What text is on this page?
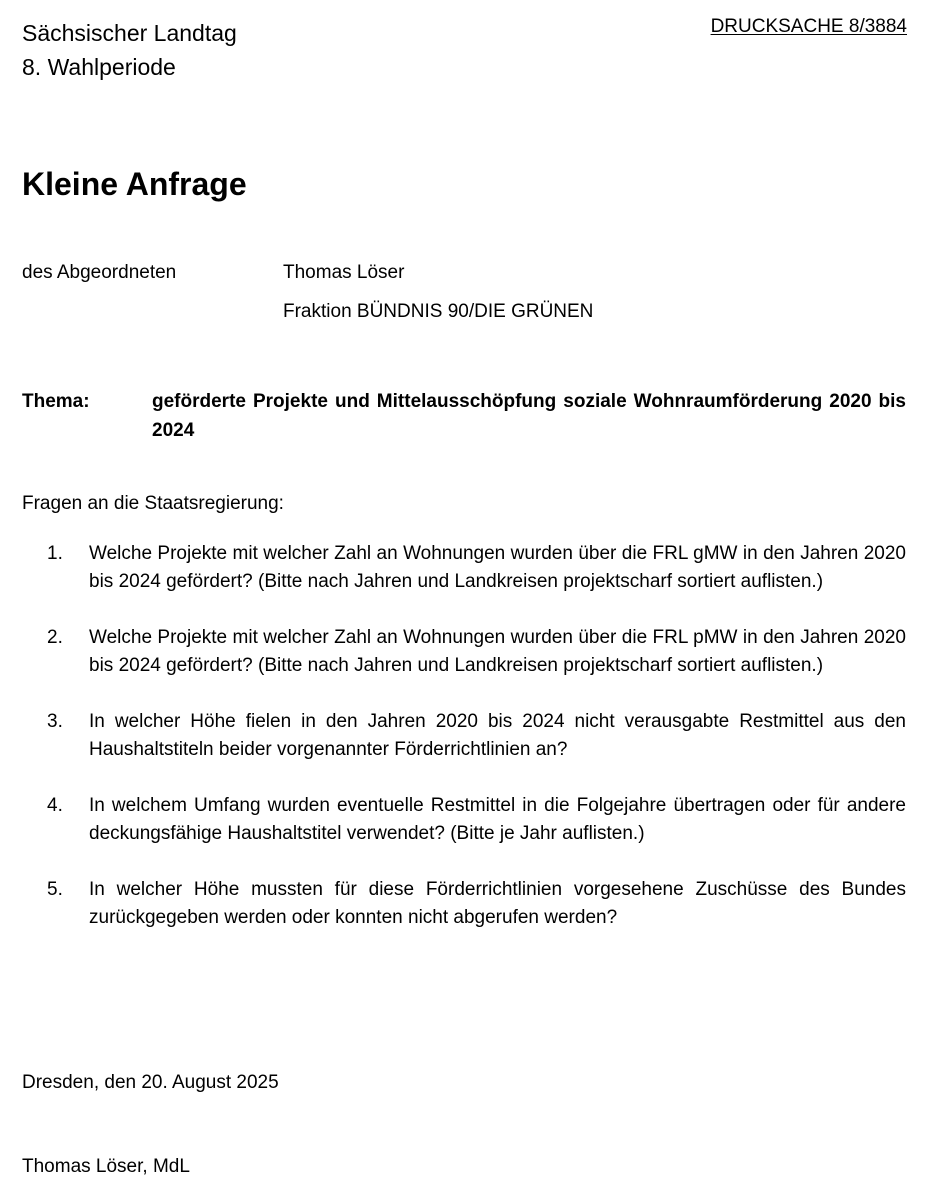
Sächsischer Landtag
8. Wahlperiode
DRUCKSACHE 8/3884
Kleine Anfrage
des Abgeordneten	Thomas Löser
Fraktion BÜNDNIS 90/DIE GRÜNEN
Thema:	geförderte Projekte und Mittelausschöpfung soziale Wohnraumförderung 2020 bis 2024
Fragen an die Staatsregierung:
1. Welche Projekte mit welcher Zahl an Wohnungen wurden über die FRL gMW in den Jahren 2020 bis 2024 gefördert? (Bitte nach Jahren und Landkreisen projektscharf sortiert auflisten.)
2. Welche Projekte mit welcher Zahl an Wohnungen wurden über die FRL pMW in den Jahren 2020 bis 2024 gefördert? (Bitte nach Jahren und Landkreisen projektscharf sortiert auflisten.)
3. In welcher Höhe fielen in den Jahren 2020 bis 2024 nicht verausgabte Restmittel aus den Haushaltstiteln beider vorgenannter Förderrichtlinien an?
4. In welchem Umfang wurden eventuelle Restmittel in die Folgejahre übertragen oder für andere deckungsfähige Haushaltstitel verwendet? (Bitte je Jahr auflisten.)
5. In welcher Höhe mussten für diese Förderrichtlinien vorgesehene Zuschüsse des Bundes zurückgegeben werden oder konnten nicht abgerufen werden?
Dresden, den 20. August 2025
Thomas Löser, MdL
